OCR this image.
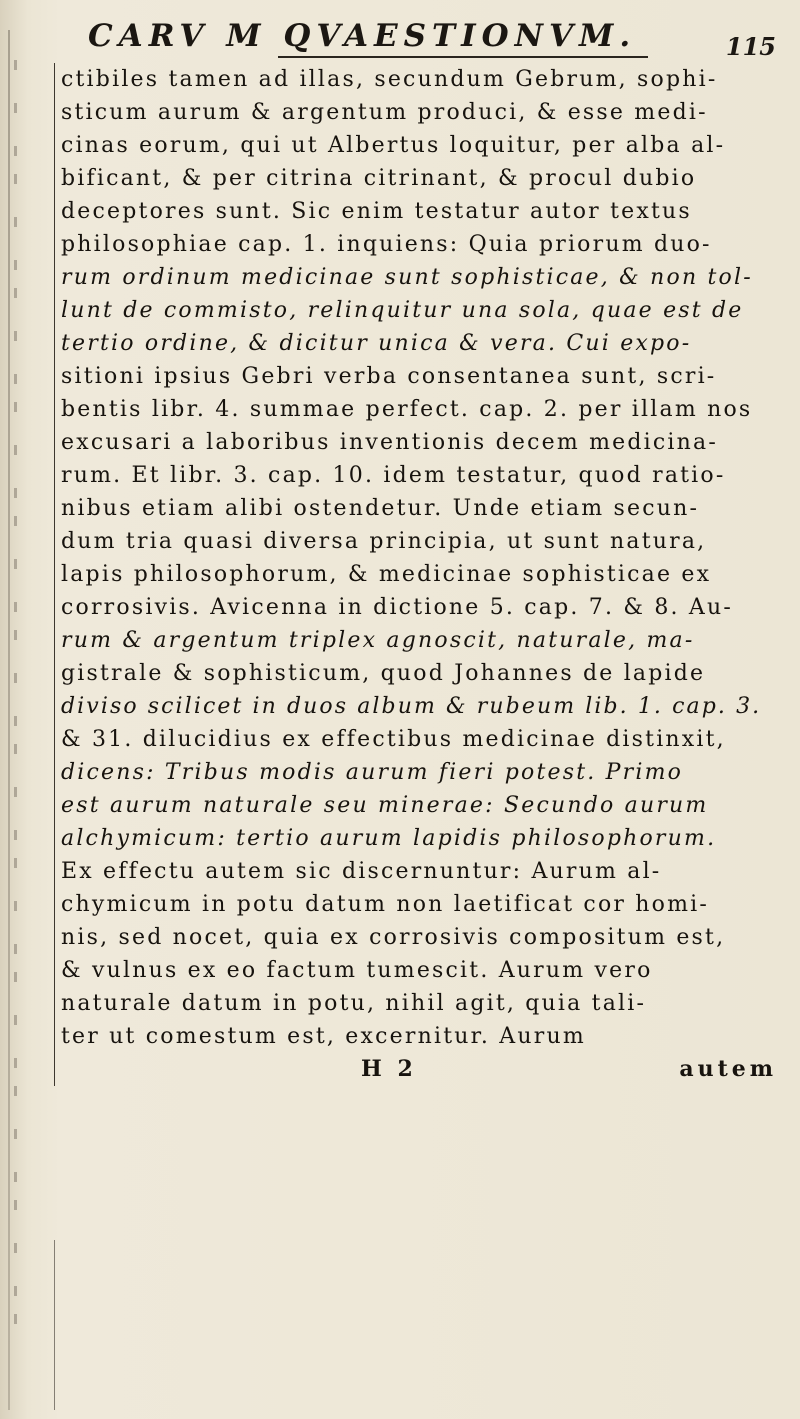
CARV M QVAESTIONVM.	115
ctibiles tamen ad illas, secundum Gebrum, sophi-
sticum aurum & argentum produci, & esse medi-
cinas eorum, qui ut Albertus loquitur, per alba al-
bificant, & per citrina citrinant, & procul dubio
deceptores sunt. Sic enim testatur autor textus
philosophiae cap. 1. inquiens: Quia priorum duo-
rum ordinum medicinae sunt sophisticae, & non tol-
lunt de commisto, relinquitur una sola, quae est de
tertio ordine, & dicitur unica & vera. Cui expo-
sitioni ipsius Gebri verba consentanea sunt, scri-
bentis libr. 4. summae perfect. cap. 2. per illam nos
excusari a laboribus inventionis decem medicina-
rum. Et libr. 3. cap. 10. idem testatur, quod ratio-
nibus etiam alibi ostendetur. Unde etiam secun-
dum tria quasi diversa principia, ut sunt natura,
lapis philosophorum, & medicinae sophisticae ex
corrosivis. Avicenna in dictione 5. cap. 7. & 8. Au-
rum & argentum triplex agnoscit, naturale, ma-
gistrale & sophisticum, quod Johannes de lapide
diviso scilicet in duos album & rubeum lib. 1. cap. 3.
& 31. dilucidius ex effectibus medicinae distinxit,
dicens: Tribus modis aurum fieri potest. Primo
est aurum naturale seu minerae: Secundo aurum
alchymicum: tertio aurum lapidis philosophorum.
Ex effectu autem sic discernuntur: Aurum al-
chymicum in potu datum non laetificat cor homi-
nis, sed nocet, quia ex corrosivis compositum est,
& vulnus ex eo factum tumescit. Aurum vero
naturale datum in potu, nihil agit, quia tali-
ter ut comestum est, excernitur. Aurum
H 2	autem
